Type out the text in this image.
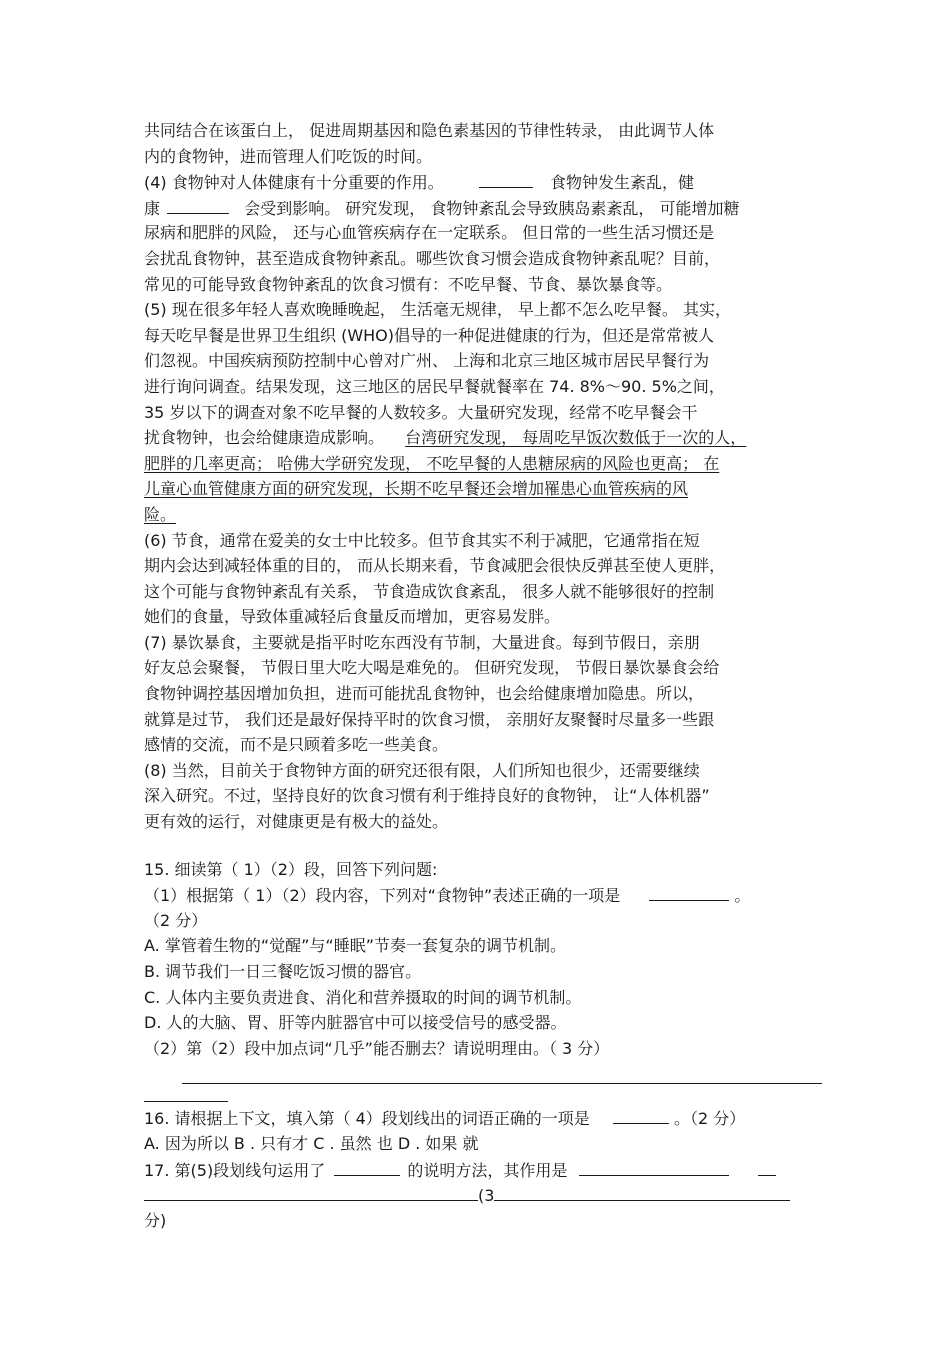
共同结合在该蛋白上， 促进周期基因和隐色素基因的节律性转录， 由此调节人体
内的食物钟，进而管理人们吃饭的时间。
(4) 食物钟对人体健康有十分重要的作用。	食物钟发生紊乱，健
康	会受到影响。 研究发现， 食物钟紊乱会导致胰岛素紊乱， 可能增加糖
尿病和肥胖的风险， 还与心血管疾病存在一定联系。 但日常的一些生活习惯还是
会扰乱食物钟，甚至造成食物钟紊乱。哪些饮食习惯会造成食物钟紊乱呢？目前，
常见的可能导致食物钟紊乱的饮食习惯有：不吃早餐、节食、暴饮暴食等。
(5) 现在很多年轻人喜欢晚睡晚起， 生活毫无规律， 早上都不怎么吃早餐。 其实，
每天吃早餐是世界卫生组织 (WHO)倡导的一种促进健康的行为，但还是常常被人
们忽视。中国疾病预防控制中心曾对广州、 上海和北京三地区城市居民早餐行为
进行询问调查。结果发现，这三地区的居民早餐就餐率在 74. 8%～90. 5%之间，
35 岁以下的调查对象不吃早餐的人数较多。大量研究发现，经常不吃早餐会干
扰食物钟，也会给健康造成影响。 台湾研究发现， 每周吃早饭次数低于一次的人，
肥胖的几率更高； 哈佛大学研究发现， 不吃早餐的人患糖尿病的风险也更高； 在
儿童心血管健康方面的研究发现，长期不吃早餐还会增加罹患心血管疾病的风
险。
(6) 节食，通常在爱美的女士中比较多。但节食其实不利于减肥，它通常指在短
期内会达到减轻体重的目的， 而从长期来看，节食减肥会很快反弹甚至使人更胖，
这个可能与食物钟紊乱有关系， 节食造成饮食紊乱， 很多人就不能够很好的控制
她们的食量，导致体重减轻后食量反而增加，更容易发胖。
(7) 暴饮暴食，主要就是指平时吃东西没有节制，大量进食。每到节假日，亲朋
好友总会聚餐， 节假日里大吃大喝是难免的。 但研究发现， 节假日暴饮暴食会给
食物钟调控基因增加负担，进而可能扰乱食物钟，也会给健康增加隐患。所以，
就算是过节， 我们还是最好保持平时的饮食习惯， 亲朋好友聚餐时尽量多一些跟
感情的交流，而不是只顾着多吃一些美食。
(8) 当然，目前关于食物钟方面的研究还很有限，人们所知也很少，还需要继续
深入研究。不过，坚持良好的饮食习惯有利于维持良好的食物钟， 让“人体机器”
更有效的运行，对健康更是有极大的益处。
15. 细读第（ 1）（2）段，回答下列问题:
（1）根据第（ 1）（2）段内容，下列对“食物钟”表述正确的一项是	。
（2 分）
A. 掌管着生物的“觉醒”与“睡眠”节奏一套复杂的调节机制。
B. 调节我们一日三餐吃饭习惯的器官。
C. 人体内主要负责进食、消化和营养摄取的时间的调节机制。
D. 人的大脑、胃、肝等内脏器官中可以接受信号的感受器。
（2）第（2）段中加点词“几乎”能否删去？请说明理由。（ 3 分）
16. 请根据上下文，填入第（ 4）段划线出的词语正确的一项是	。（2 分）
A. 因为所以 B . 只有才 C . 虽然 也 D . 如果 就
17. 第(5)段划线句运用了	的说明方法，其作用是
(3
分)
